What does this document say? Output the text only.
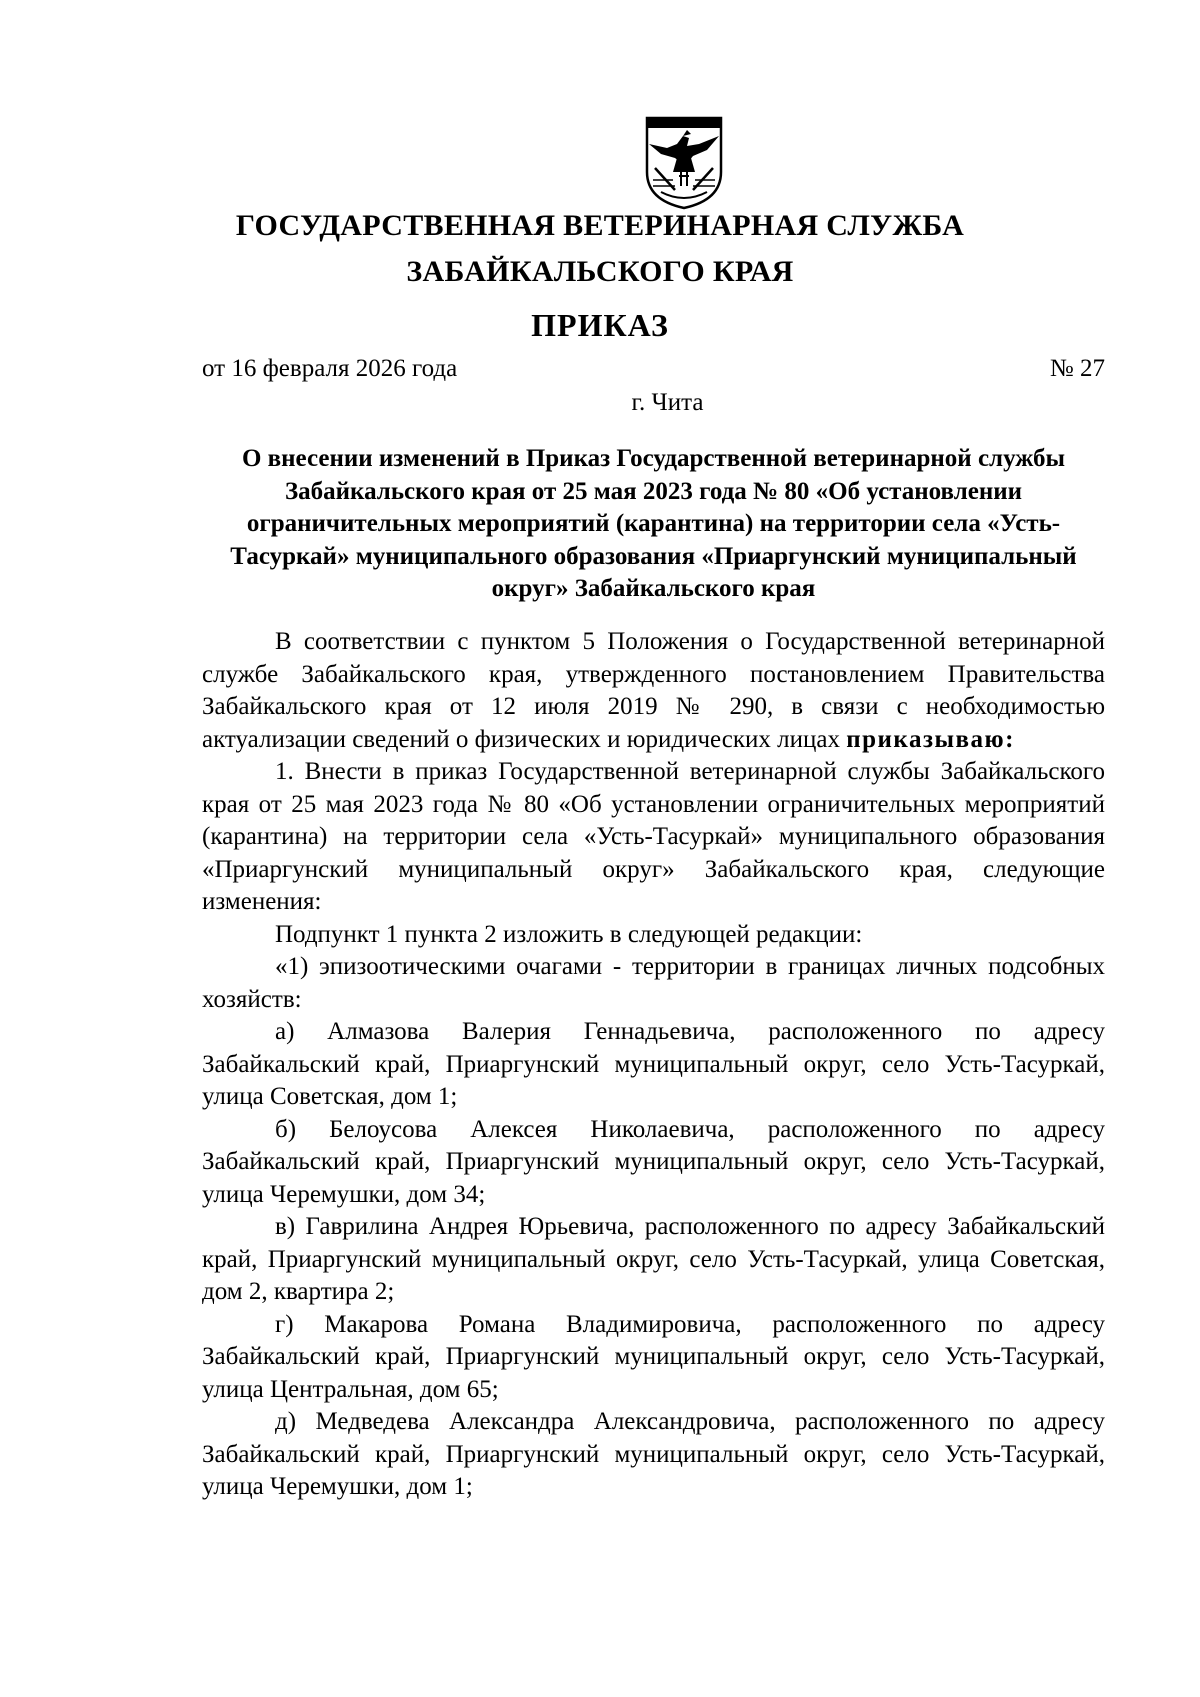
ГОСУДАРСТВЕННАЯ ВЕТЕРИНАРНАЯ СЛУЖБА
ЗАБАЙКАЛЬСКОГО КРАЯ
ПРИКАЗ
от 16 февраля 2026 года	№ 27
г. Чита
О внесении изменений в Приказ Государственной ветеринарной службы Забайкальского края от 25 мая 2023 года № 80 «Об установлении ограничительных мероприятий (карантина) на территории села «Усть-Тасуркай» муниципального образования «Приаргунский муниципальный округ» Забайкальского края

В соответствии с пунктом 5 Положения о Государственной ветеринарной службе Забайкальского края, утвержденного постановлением Правительства Забайкальского края от 12 июля 2019 № 290, в связи с необходимостью актуализации сведений о физических и юридических лицах приказываю:

1. Внести в приказ Государственной ветеринарной службы Забайкальского края от 25 мая 2023 года № 80 «Об установлении ограничительных мероприятий (карантина) на территории села «Усть-Тасуркай» муниципального образования «Приаргунский муниципальный округ» Забайкальского края, следующие изменения:

Подпункт 1 пункта 2 изложить в следующей редакции:

«1) эпизоотическими очагами - территории в границах личных подсобных хозяйств:

а) Алмазова Валерия Геннадьевича, расположенного по адресу Забайкальский край, Приаргунский муниципальный округ, село Усть-Тасуркай, улица Советская, дом 1;

б) Белоусова Алексея Николаевича, расположенного по адресу Забайкальский край, Приаргунский муниципальный округ, село Усть-Тасуркай, улица Черемушки, дом 34;

в) Гаврилина Андрея Юрьевича, расположенного по адресу Забайкальский край, Приаргунский муниципальный округ, село Усть-Тасуркай, улица Советская, дом 2, квартира 2;

г) Макарова Романа Владимировича, расположенного по адресу Забайкальский край, Приаргунский муниципальный округ, село Усть-Тасуркай, улица Центральная, дом 65;

д) Медведева Александра Александровича, расположенного по адресу Забайкальский край, Приаргунский муниципальный округ, село Усть-Тасуркай, улица Черемушки, дом 1;
